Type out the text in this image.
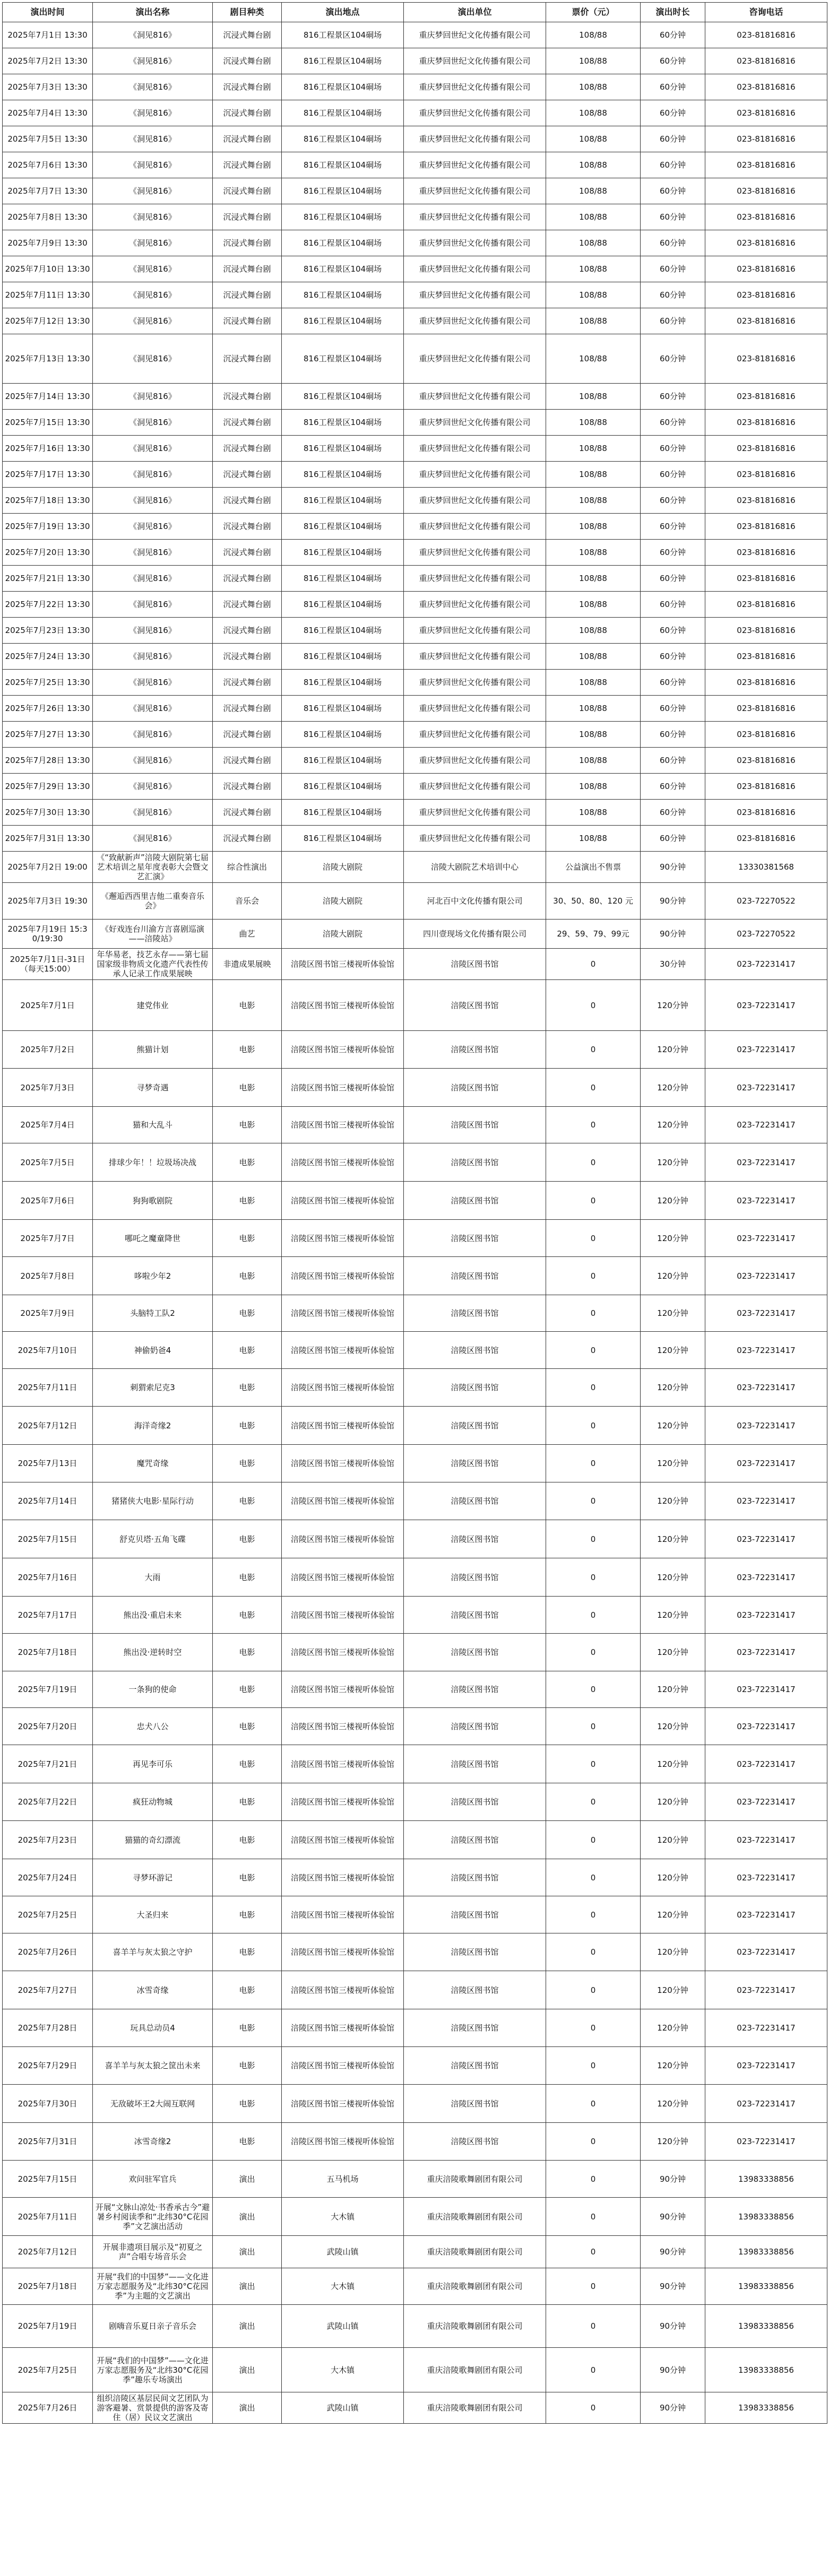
演出时间	演出名称	剧目种类	演出地点	演出单位	票价（元）	演出时长	咨询电话
2025年7月1日 13:30	《洞见816》	沉浸式舞台剧	816工程景区104硐场	重庆梦回世纪文化传播有限公司	108/88	60分钟	023-81816816
2025年7月2日 13:30	《洞见816》	沉浸式舞台剧	816工程景区104硐场	重庆梦回世纪文化传播有限公司	108/88	60分钟	023-81816816
2025年7月3日 13:30	《洞见816》	沉浸式舞台剧	816工程景区104硐场	重庆梦回世纪文化传播有限公司	108/88	60分钟	023-81816816
2025年7月4日 13:30	《洞见816》	沉浸式舞台剧	816工程景区104硐场	重庆梦回世纪文化传播有限公司	108/88	60分钟	023-81816816
2025年7月5日 13:30	《洞见816》	沉浸式舞台剧	816工程景区104硐场	重庆梦回世纪文化传播有限公司	108/88	60分钟	023-81816816
2025年7月6日 13:30	《洞见816》	沉浸式舞台剧	816工程景区104硐场	重庆梦回世纪文化传播有限公司	108/88	60分钟	023-81816816
2025年7月7日 13:30	《洞见816》	沉浸式舞台剧	816工程景区104硐场	重庆梦回世纪文化传播有限公司	108/88	60分钟	023-81816816
2025年7月8日 13:30	《洞见816》	沉浸式舞台剧	816工程景区104硐场	重庆梦回世纪文化传播有限公司	108/88	60分钟	023-81816816
2025年7月9日 13:30	《洞见816》	沉浸式舞台剧	816工程景区104硐场	重庆梦回世纪文化传播有限公司	108/88	60分钟	023-81816816
2025年7月10日 13:30	《洞见816》	沉浸式舞台剧	816工程景区104硐场	重庆梦回世纪文化传播有限公司	108/88	60分钟	023-81816816
2025年7月11日 13:30	《洞见816》	沉浸式舞台剧	816工程景区104硐场	重庆梦回世纪文化传播有限公司	108/88	60分钟	023-81816816
2025年7月12日 13:30	《洞见816》	沉浸式舞台剧	816工程景区104硐场	重庆梦回世纪文化传播有限公司	108/88	60分钟	023-81816816
2025年7月13日 13:30	《洞见816》	沉浸式舞台剧	816工程景区104硐场	重庆梦回世纪文化传播有限公司	108/88	60分钟	023-81816816
2025年7月14日 13:30	《洞见816》	沉浸式舞台剧	816工程景区104硐场	重庆梦回世纪文化传播有限公司	108/88	60分钟	023-81816816
2025年7月15日 13:30	《洞见816》	沉浸式舞台剧	816工程景区104硐场	重庆梦回世纪文化传播有限公司	108/88	60分钟	023-81816816
2025年7月16日 13:30	《洞见816》	沉浸式舞台剧	816工程景区104硐场	重庆梦回世纪文化传播有限公司	108/88	60分钟	023-81816816
2025年7月17日 13:30	《洞见816》	沉浸式舞台剧	816工程景区104硐场	重庆梦回世纪文化传播有限公司	108/88	60分钟	023-81816816
2025年7月18日 13:30	《洞见816》	沉浸式舞台剧	816工程景区104硐场	重庆梦回世纪文化传播有限公司	108/88	60分钟	023-81816816
2025年7月19日 13:30	《洞见816》	沉浸式舞台剧	816工程景区104硐场	重庆梦回世纪文化传播有限公司	108/88	60分钟	023-81816816
2025年7月20日 13:30	《洞见816》	沉浸式舞台剧	816工程景区104硐场	重庆梦回世纪文化传播有限公司	108/88	60分钟	023-81816816
2025年7月21日 13:30	《洞见816》	沉浸式舞台剧	816工程景区104硐场	重庆梦回世纪文化传播有限公司	108/88	60分钟	023-81816816
2025年7月22日 13:30	《洞见816》	沉浸式舞台剧	816工程景区104硐场	重庆梦回世纪文化传播有限公司	108/88	60分钟	023-81816816
2025年7月23日 13:30	《洞见816》	沉浸式舞台剧	816工程景区104硐场	重庆梦回世纪文化传播有限公司	108/88	60分钟	023-81816816
2025年7月24日 13:30	《洞见816》	沉浸式舞台剧	816工程景区104硐场	重庆梦回世纪文化传播有限公司	108/88	60分钟	023-81816816
2025年7月25日 13:30	《洞见816》	沉浸式舞台剧	816工程景区104硐场	重庆梦回世纪文化传播有限公司	108/88	60分钟	023-81816816
2025年7月26日 13:30	《洞见816》	沉浸式舞台剧	816工程景区104硐场	重庆梦回世纪文化传播有限公司	108/88	60分钟	023-81816816
2025年7月27日 13:30	《洞见816》	沉浸式舞台剧	816工程景区104硐场	重庆梦回世纪文化传播有限公司	108/88	60分钟	023-81816816
2025年7月28日 13:30	《洞见816》	沉浸式舞台剧	816工程景区104硐场	重庆梦回世纪文化传播有限公司	108/88	60分钟	023-81816816
2025年7月29日 13:30	《洞见816》	沉浸式舞台剧	816工程景区104硐场	重庆梦回世纪文化传播有限公司	108/88	60分钟	023-81816816
2025年7月30日 13:30	《洞见816》	沉浸式舞台剧	816工程景区104硐场	重庆梦回世纪文化传播有限公司	108/88	60分钟	023-81816816
2025年7月31日 13:30	《洞见816》	沉浸式舞台剧	816工程景区104硐场	重庆梦回世纪文化传播有限公司	108/88	60分钟	023-81816816
2025年7月2日 19:00	《“致献新声”涪陵大剧院第七届艺术培训之星年度表彰大会暨文艺汇演》	综合性演出	涪陵大剧院	涪陵大剧院艺术培训中心	公益演出不售票	90分钟	13330381568
2025年7月3日 19:30	《邂逅西西里吉他二重奏音乐会》	音乐会	涪陵大剧院	河北百中文化传播有限公司	30、50、80、120 元	90分钟	023-72270522
2025年7月19日 15:30/19:30	《好戏连台川渝方言喜剧巡演——涪陵站》	曲艺	涪陵大剧院	四川壹现场文化传播有限公司	29、59、79、99元	90分钟	023-72270522
2025年7月1日-31日（每天15:00）	年华易老，技艺永存——第七届国家级非物质文化遗产代表性传承人记录工作成果展映	非遗成果展映	涪陵区图书馆三楼视听体验馆	涪陵区图书馆	0	30分钟	023-72231417
2025年7月1日	建党伟业	电影	涪陵区图书馆三楼视听体验馆	涪陵区图书馆	0	120分钟	023-72231417
2025年7月2日	熊猫计划	电影	涪陵区图书馆三楼视听体验馆	涪陵区图书馆	0	120分钟	023-72231417
2025年7月3日	寻梦奇遇	电影	涪陵区图书馆三楼视听体验馆	涪陵区图书馆	0	120分钟	023-72231417
2025年7月4日	猫和大乱斗	电影	涪陵区图书馆三楼视听体验馆	涪陵区图书馆	0	120分钟	023-72231417
2025年7月5日	排球少年！！垃圾场决战	电影	涪陵区图书馆三楼视听体验馆	涪陵区图书馆	0	120分钟	023-72231417
2025年7月6日	狗狗歌剧院	电影	涪陵区图书馆三楼视听体验馆	涪陵区图书馆	0	120分钟	023-72231417
2025年7月7日	哪吒之魔童降世	电影	涪陵区图书馆三楼视听体验馆	涪陵区图书馆	0	120分钟	023-72231417
2025年7月8日	哆啦少年2	电影	涪陵区图书馆三楼视听体验馆	涪陵区图书馆	0	120分钟	023-72231417
2025年7月9日	头脑特工队2	电影	涪陵区图书馆三楼视听体验馆	涪陵区图书馆	0	120分钟	023-72231417
2025年7月10日	神偷奶爸4	电影	涪陵区图书馆三楼视听体验馆	涪陵区图书馆	0	120分钟	023-72231417
2025年7月11日	刺猬索尼克3	电影	涪陵区图书馆三楼视听体验馆	涪陵区图书馆	0	120分钟	023-72231417
2025年7月12日	海洋奇缘2	电影	涪陵区图书馆三楼视听体验馆	涪陵区图书馆	0	120分钟	023-72231417
2025年7月13日	魔咒奇缘	电影	涪陵区图书馆三楼视听体验馆	涪陵区图书馆	0	120分钟	023-72231417
2025年7月14日	猪猪侠大电影·星际行动	电影	涪陵区图书馆三楼视听体验馆	涪陵区图书馆	0	120分钟	023-72231417
2025年7月15日	舒克贝塔·五角飞碟	电影	涪陵区图书馆三楼视听体验馆	涪陵区图书馆	0	120分钟	023-72231417
2025年7月16日	大雨	电影	涪陵区图书馆三楼视听体验馆	涪陵区图书馆	0	120分钟	023-72231417
2025年7月17日	熊出没·重启未来	电影	涪陵区图书馆三楼视听体验馆	涪陵区图书馆	0	120分钟	023-72231417
2025年7月18日	熊出没·逆转时空	电影	涪陵区图书馆三楼视听体验馆	涪陵区图书馆	0	120分钟	023-72231417
2025年7月19日	一条狗的使命	电影	涪陵区图书馆三楼视听体验馆	涪陵区图书馆	0	120分钟	023-72231417
2025年7月20日	忠犬八公	电影	涪陵区图书馆三楼视听体验馆	涪陵区图书馆	0	120分钟	023-72231417
2025年7月21日	再见李可乐	电影	涪陵区图书馆三楼视听体验馆	涪陵区图书馆	0	120分钟	023-72231417
2025年7月22日	疯狂动物城	电影	涪陵区图书馆三楼视听体验馆	涪陵区图书馆	0	120分钟	023-72231417
2025年7月23日	猫猫的奇幻漂流	电影	涪陵区图书馆三楼视听体验馆	涪陵区图书馆	0	120分钟	023-72231417
2025年7月24日	寻梦环游记	电影	涪陵区图书馆三楼视听体验馆	涪陵区图书馆	0	120分钟	023-72231417
2025年7月25日	大圣归来	电影	涪陵区图书馆三楼视听体验馆	涪陵区图书馆	0	120分钟	023-72231417
2025年7月26日	喜羊羊与灰太狼之守护	电影	涪陵区图书馆三楼视听体验馆	涪陵区图书馆	0	120分钟	023-72231417
2025年7月27日	冰雪奇缘	电影	涪陵区图书馆三楼视听体验馆	涪陵区图书馆	0	120分钟	023-72231417
2025年7月28日	玩具总动员4	电影	涪陵区图书馆三楼视听体验馆	涪陵区图书馆	0	120分钟	023-72231417
2025年7月29日	喜羊羊与灰太狼之筐出未来	电影	涪陵区图书馆三楼视听体验馆	涪陵区图书馆	0	120分钟	023-72231417
2025年7月30日	无敌破坏王2大闹互联网	电影	涪陵区图书馆三楼视听体验馆	涪陵区图书馆	0	120分钟	023-72231417
2025年7月31日	冰雪奇缘2	电影	涪陵区图书馆三楼视听体验馆	涪陵区图书馆	0	120分钟	023-72231417
2025年7月15日	欢问驻军官兵	演出	五马机场	重庆涪陵歌舞剧团有限公司	0	90分钟	13983338856
2025年7月11日	开展“文脉山凉处·书香承古今”避暑乡村阅读季和“北纬30°C花园季”文艺演出活动	演出	大木镇	重庆涪陵歌舞剧团有限公司	0	90分钟	13983338856
2025年7月12日	开展非遗项目展示及“初夏之声”合唱专场音乐会	演出	武陵山镇	重庆涪陵歌舞剧团有限公司	0	90分钟	13983338856
2025年7月18日	开展“我们的中国梦”——文化进万家志愿服务及“北纬30°C花园季”为主题的文艺演出	演出	大木镇	重庆涪陵歌舞剧团有限公司	0	90分钟	13983338856
2025年7月19日	剧嗨音乐夏日亲子音乐会	演出	武陵山镇	重庆涪陵歌舞剧团有限公司	0	90分钟	13983338856
2025年7月25日	开展“我们的中国梦”——文化进万家志愿服务及“北纬30°C花园季”趣乐专场演出	演出	大木镇	重庆涪陵歌舞剧团有限公司	0	90分钟	13983338856
2025年7月26日	组织涪陵区基层民间文艺团队为游客避暑、赏景提供的游客及寄住（居）民议文艺演出	演出	武陵山镇	重庆涪陵歌舞剧团有限公司	0	90分钟	13983338856
